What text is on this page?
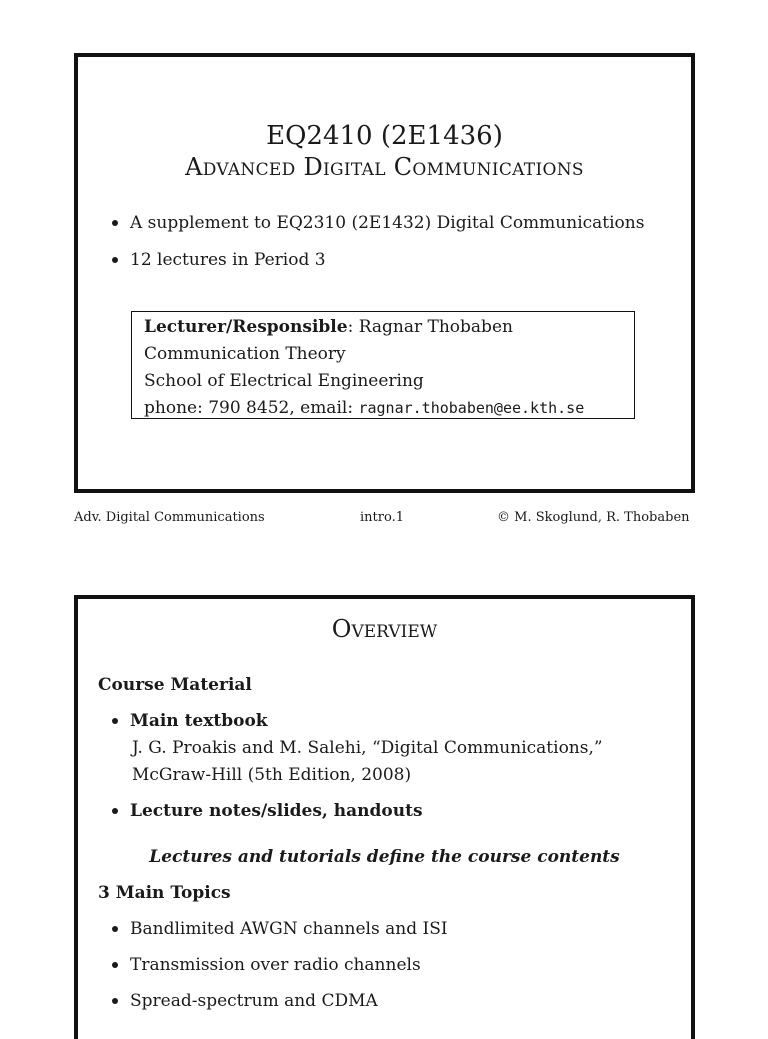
EQ2410 (2E1436)
Advanced Digital Communications
A supplement to EQ2310 (2E1432) Digital Communications
12 lectures in Period 3
Lecturer/Responsible: Ragnar Thobaben
Communication Theory
School of Electrical Engineering
phone: 790 8452, email: ragnar.thobaben@ee.kth.se
Adv. Digital Communications	intro.1	© M. Skoglund, R. Thobaben
Overview
Course Material
Main textbook
J. G. Proakis and M. Salehi, “Digital Communications,”
McGraw-Hill (5th Edition, 2008)
Lecture notes/slides, handouts
Lectures and tutorials define the course contents
3 Main Topics
Bandlimited AWGN channels and ISI
Transmission over radio channels
Spread-spectrum and CDMA
